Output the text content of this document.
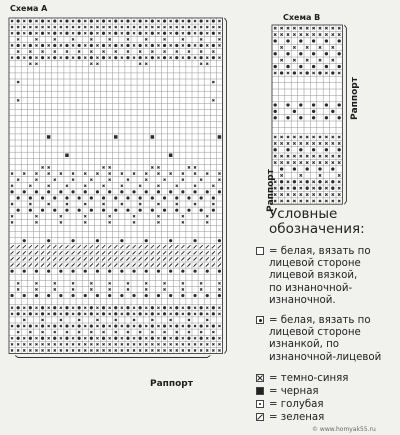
Схема А
Схема В
Раппорт
Раппорт
Раппорт
Условные
обозначения:
= белая, вязать по
лицевой стороне
лицевой вязкой,
по изнаночной-
изнаночной.
= белая, вязать по
лицевой стороне
изнанкой, по
изнаночной-лицевой
= темно-синяя
= черная
= голубая
= зеленая
© www.homyak55.ru
